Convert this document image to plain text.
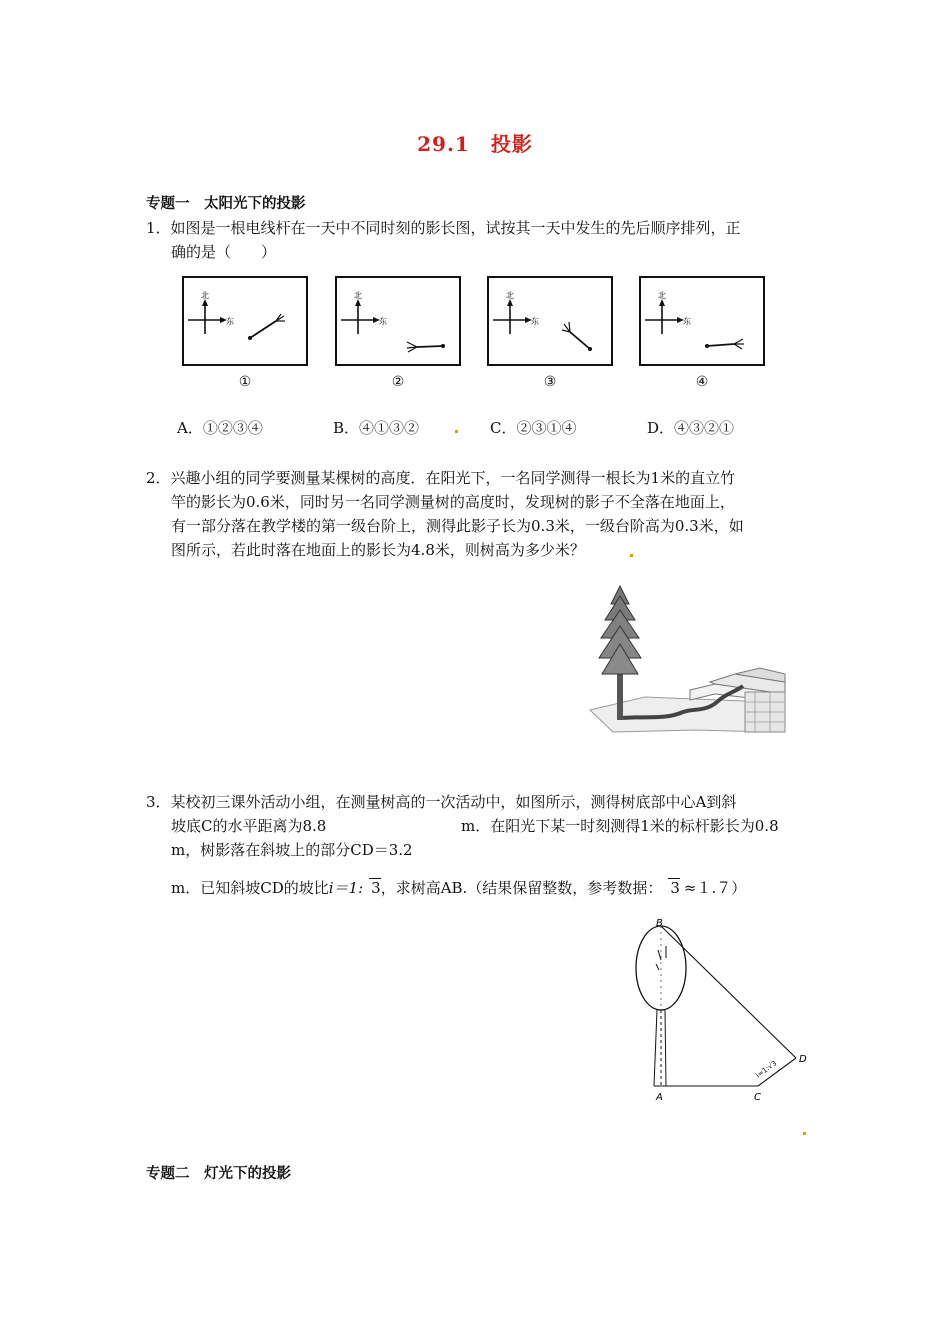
29.1　投影
专题一　太阳光下的投影
1．如图是一根电线杆在一天中不同时刻的影长图，试按其一天中发生的先后顺序排列，正
确的是（　　）
北
东
北
东
北
东
北
东
①	②	③	④
A．①②③④	B．④①③②	C．②③①④	D．④③②①
2．兴趣小组的同学要测量某棵树的高度．在阳光下，一名同学测得一根长为1米的直立竹
竿的影长为0.6米，同时另一名同学测量树的高度时，发现树的影子不全落在地面上，
有一部分落在教学楼的第一级台阶上，测得此影子长为0.3米，一级台阶高为0.3米，如
图所示，若此时落在地面上的影长为4.8米，则树高为多少米？
3．某校初三课外活动小组，在测量树高的一次活动中，如图所示，测得树底部中心A到斜
坡底C的水平距离为8.8	m．在阳光下某一时刻测得1米的标杆影长为0.8
m，树影落在斜坡上的部分CD＝3.2
m．已知斜坡CD的坡比i＝1: 3，求树高AB.（结果保留整数，参考数据： 3 ≈１.７）
B
A	C
D
i=1:√3
专题二　灯光下的投影
